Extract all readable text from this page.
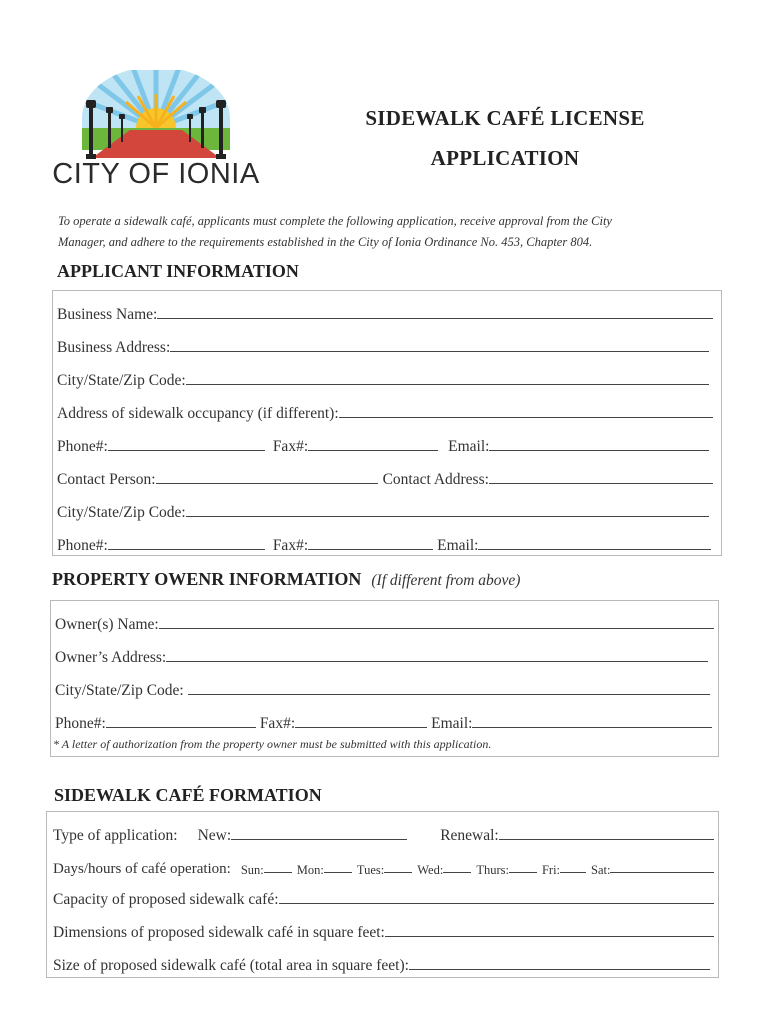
CITY OF IONIA
SIDEWALK CAFÉ LICENSE
APPLICATION
To operate a sidewalk café, applicants must complete the following application, receive approval from the City
Manager, and adhere to the requirements established in the City of Ionia Ordinance No. 453, Chapter 804.
APPLICANT INFORMATION
Business Name:
Business Address:
City/State/Zip Code:
Address of sidewalk occupancy (if different):
Phone#:	Fax#:	Email:
Contact Person:	Contact Address:
City/State/Zip Code:
Phone#:	Fax#:	Email:
PROPERTY OWENR INFORMATION (If different from above)
Owner(s) Name:
Owner’s Address:
City/State/Zip Code:
Phone#:	Fax#:	Email:
* A letter of authorization from the property owner must be submitted with this application.
SIDEWALK CAFÉ FORMATION
Type of application: New:	Renewal:
Days/hours of café operation: Sun:	Mon:	Tues:	Wed:	Thurs:	Fri: Sat:
Capacity of proposed sidewalk café:
Dimensions of proposed sidewalk café in square feet:
Size of proposed sidewalk café (total area in square feet):
